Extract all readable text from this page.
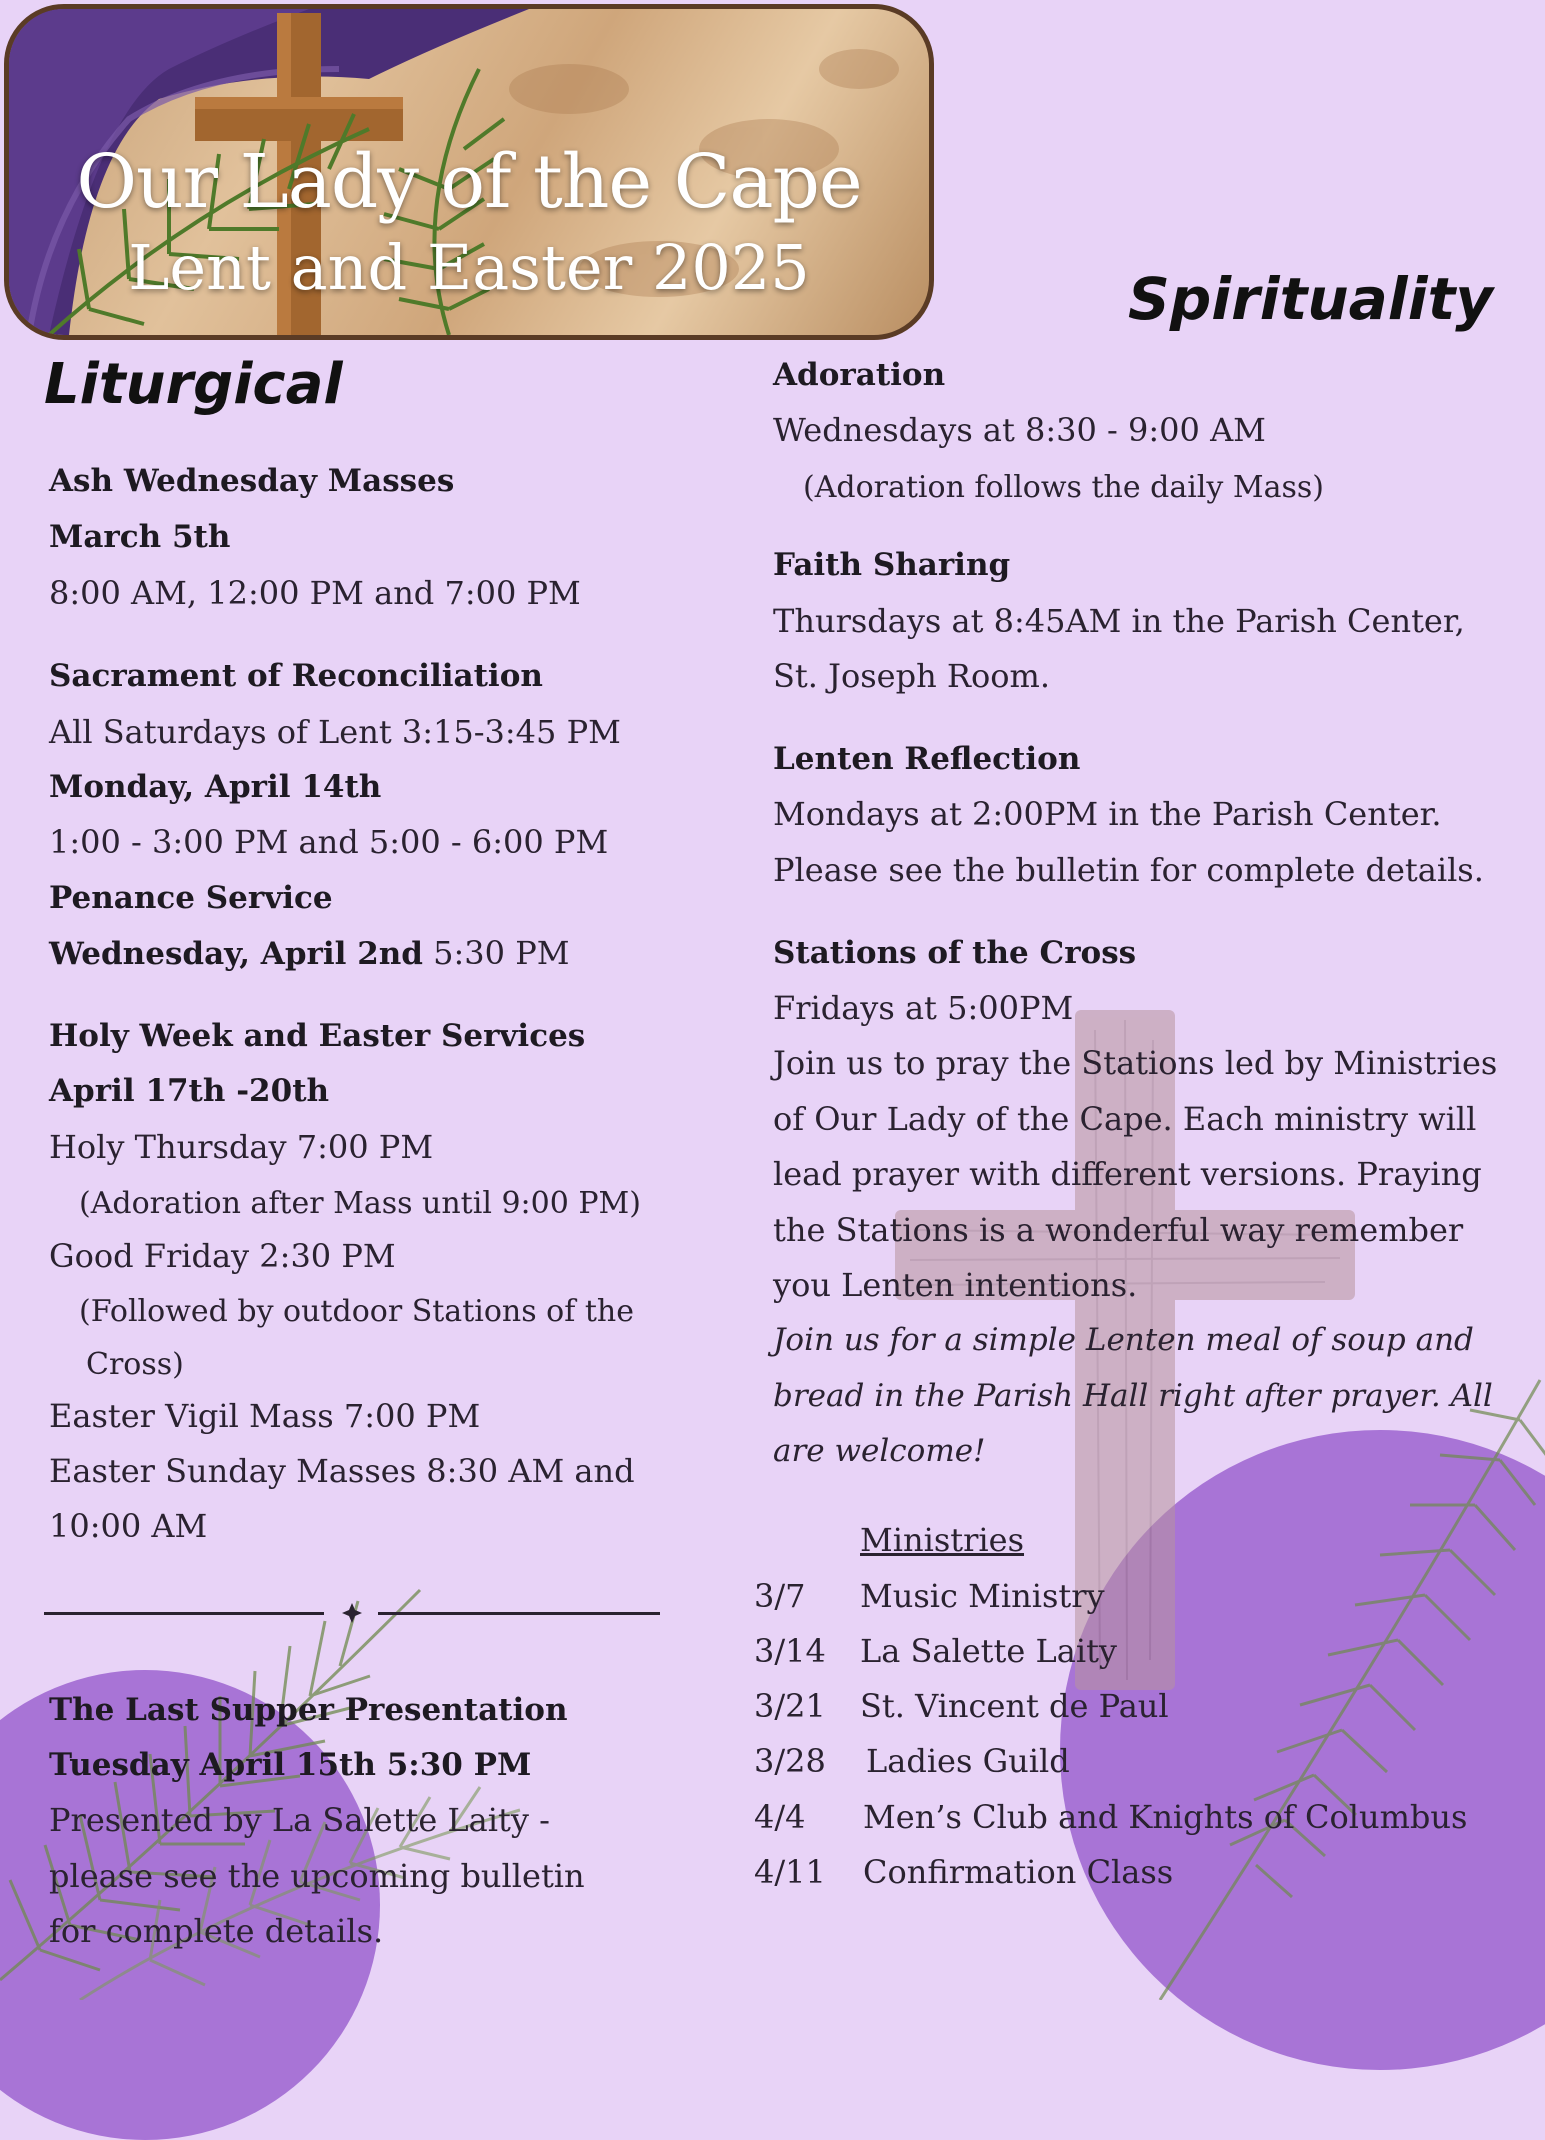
Our Lady of the Cape
Lent and Easter 2025	Spirituality
Liturgical
Ash Wednesday Masses
March 5th
8:00 AM, 12:00 PM and 7:00 PM
Sacrament of Reconciliation
All Saturdays of Lent 3:15-3:45 PM
Monday, April 14th
1:00 - 3:00 PM and 5:00 - 6:00 PM
Penance Service
Wednesday, April 2nd 5:30 PM
Holy Week and Easter Services
April 17th -20th
Holy Thursday 7:00 PM
(Adoration after Mass until 9:00 PM)
Good Friday 2:30 PM
(Followed by outdoor Stations of the
Cross)
Easter Vigil Mass 7:00 PM
Easter Sunday Masses 8:30 AM and
10:00 AM
The Last Supper Presentation
Tuesday April 15th 5:30 PM
Presented by La Salette Laity -
please see the upcoming bulletin
for complete details.
Adoration
Wednesdays at 8:30 - 9:00 AM
(Adoration follows the daily Mass)
Faith Sharing
Thursdays at 8:45AM in the Parish Center,
St. Joseph Room.
Lenten Reflection
Mondays at 2:00PM in the Parish Center.
Please see the bulletin for complete details.
Stations of the Cross
Fridays at 5:00PM
Join us to pray the Stations led by Ministries
of Our Lady of the Cape. Each ministry will
lead prayer with different versions. Praying
the Stations is a wonderful way remember
you Lenten intentions.
Join us for a simple Lenten meal of soup and
bread in the Parish Hall right after prayer. All
are welcome!
Ministries
3/7 Music Ministry
3/14 La Salette Laity
3/21 St. Vincent de Paul
3/28 Ladies Guild
4/4 Men’s Club and Knights of Columbus
4/11 Confirmation Class
